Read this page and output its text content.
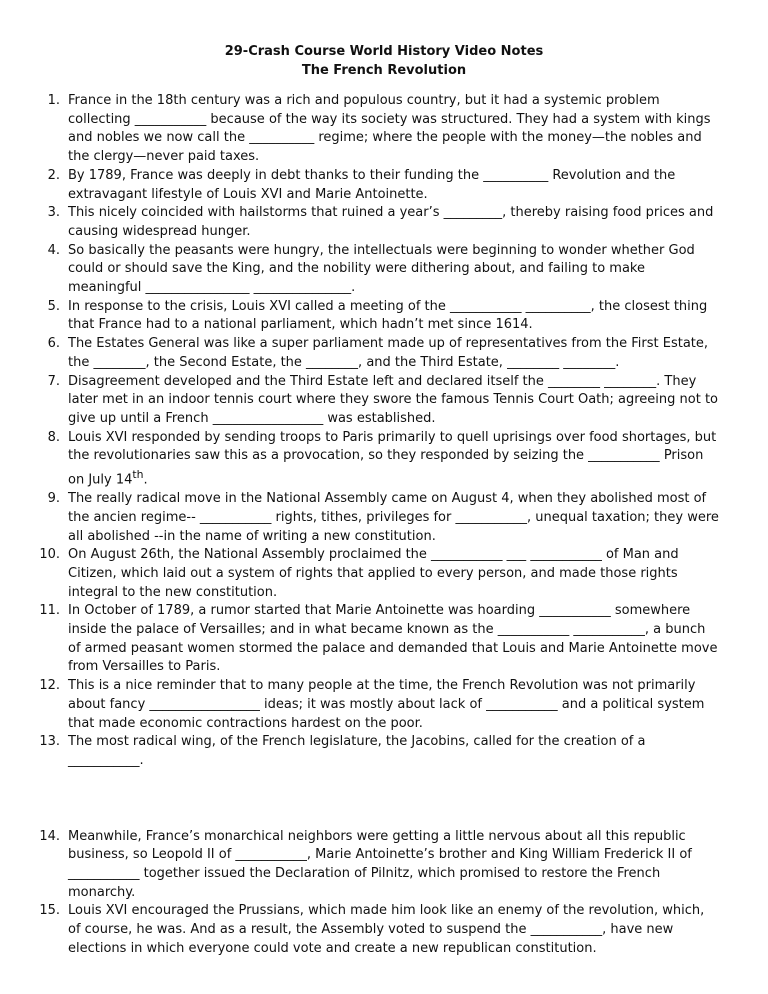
29-Crash Course World History Video Notes

The French Revolution

1. France in the 18th century was a rich and populous country, but it had a systemic problem collecting ___________ because of the way its society was structured. They had a system with kings and nobles we now call the __________ regime; where the people with the money—the nobles and the clergy—never paid taxes.
2. By 1789, France was deeply in debt thanks to their funding the __________ Revolution and the extravagant lifestyle of Louis XVI and Marie Antoinette.
3. This nicely coincided with hailstorms that ruined a year’s _________, thereby raising food prices and causing widespread hunger.
4. So basically the peasants were hungry, the intellectuals were beginning to wonder whether God could or should save the King, and the nobility were dithering about, and failing to make meaningful ________________ _______________.
5. In response to the crisis, Louis XVI called a meeting of the ___________ __________, the closest thing that France had to a national parliament, which hadn’t met since 1614.
6. The Estates General was like a super parliament made up of representatives from the First Estate, the ________, the Second Estate, the ________, and the Third Estate, ________ ________.
7. Disagreement developed and the Third Estate left and declared itself the ________ ________. They later met in an indoor tennis court where they swore the famous Tennis Court Oath; agreeing not to give up until a French _________________ was established.
8. Louis XVI responded by sending troops to Paris primarily to quell uprisings over food shortages, but the revolutionaries saw this as a provocation, so they responded by seizing the ___________ Prison on July 14th.
9. The really radical move in the National Assembly came on August 4, when they abolished most of the ancien regime-- ___________ rights, tithes, privileges for ___________, unequal taxation; they were all abolished --in the name of writing a new constitution.
10. On August 26th, the National Assembly proclaimed the ___________ ___ ___________ of Man and Citizen, which laid out a system of rights that applied to every person, and made those rights integral to the new constitution.
11. In October of 1789, a rumor started that Marie Antoinette was hoarding ___________ somewhere inside the palace of Versailles; and in what became known as the ___________ ___________, a bunch of armed peasant women stormed the palace and demanded that Louis and Marie Antoinette move from Versailles to Paris.
12. This is a nice reminder that to many people at the time, the French Revolution was not primarily about fancy _________________ ideas; it was mostly about lack of ___________ and a political system that made economic contractions hardest on the poor.
13. The most radical wing, of the French legislature, the Jacobins, called for the creation of a ___________.
14. Meanwhile, France’s monarchical neighbors were getting a little nervous about all this republic business, so Leopold II of ___________, Marie Antoinette’s brother and King William Frederick II of ___________ together issued the Declaration of Pilnitz, which promised to restore the French monarchy.
15. Louis XVI encouraged the Prussians, which made him look like an enemy of the revolution, which, of course, he was. And as a result, the Assembly voted to suspend the ___________, have new elections in which everyone could vote and create a new republican constitution.
